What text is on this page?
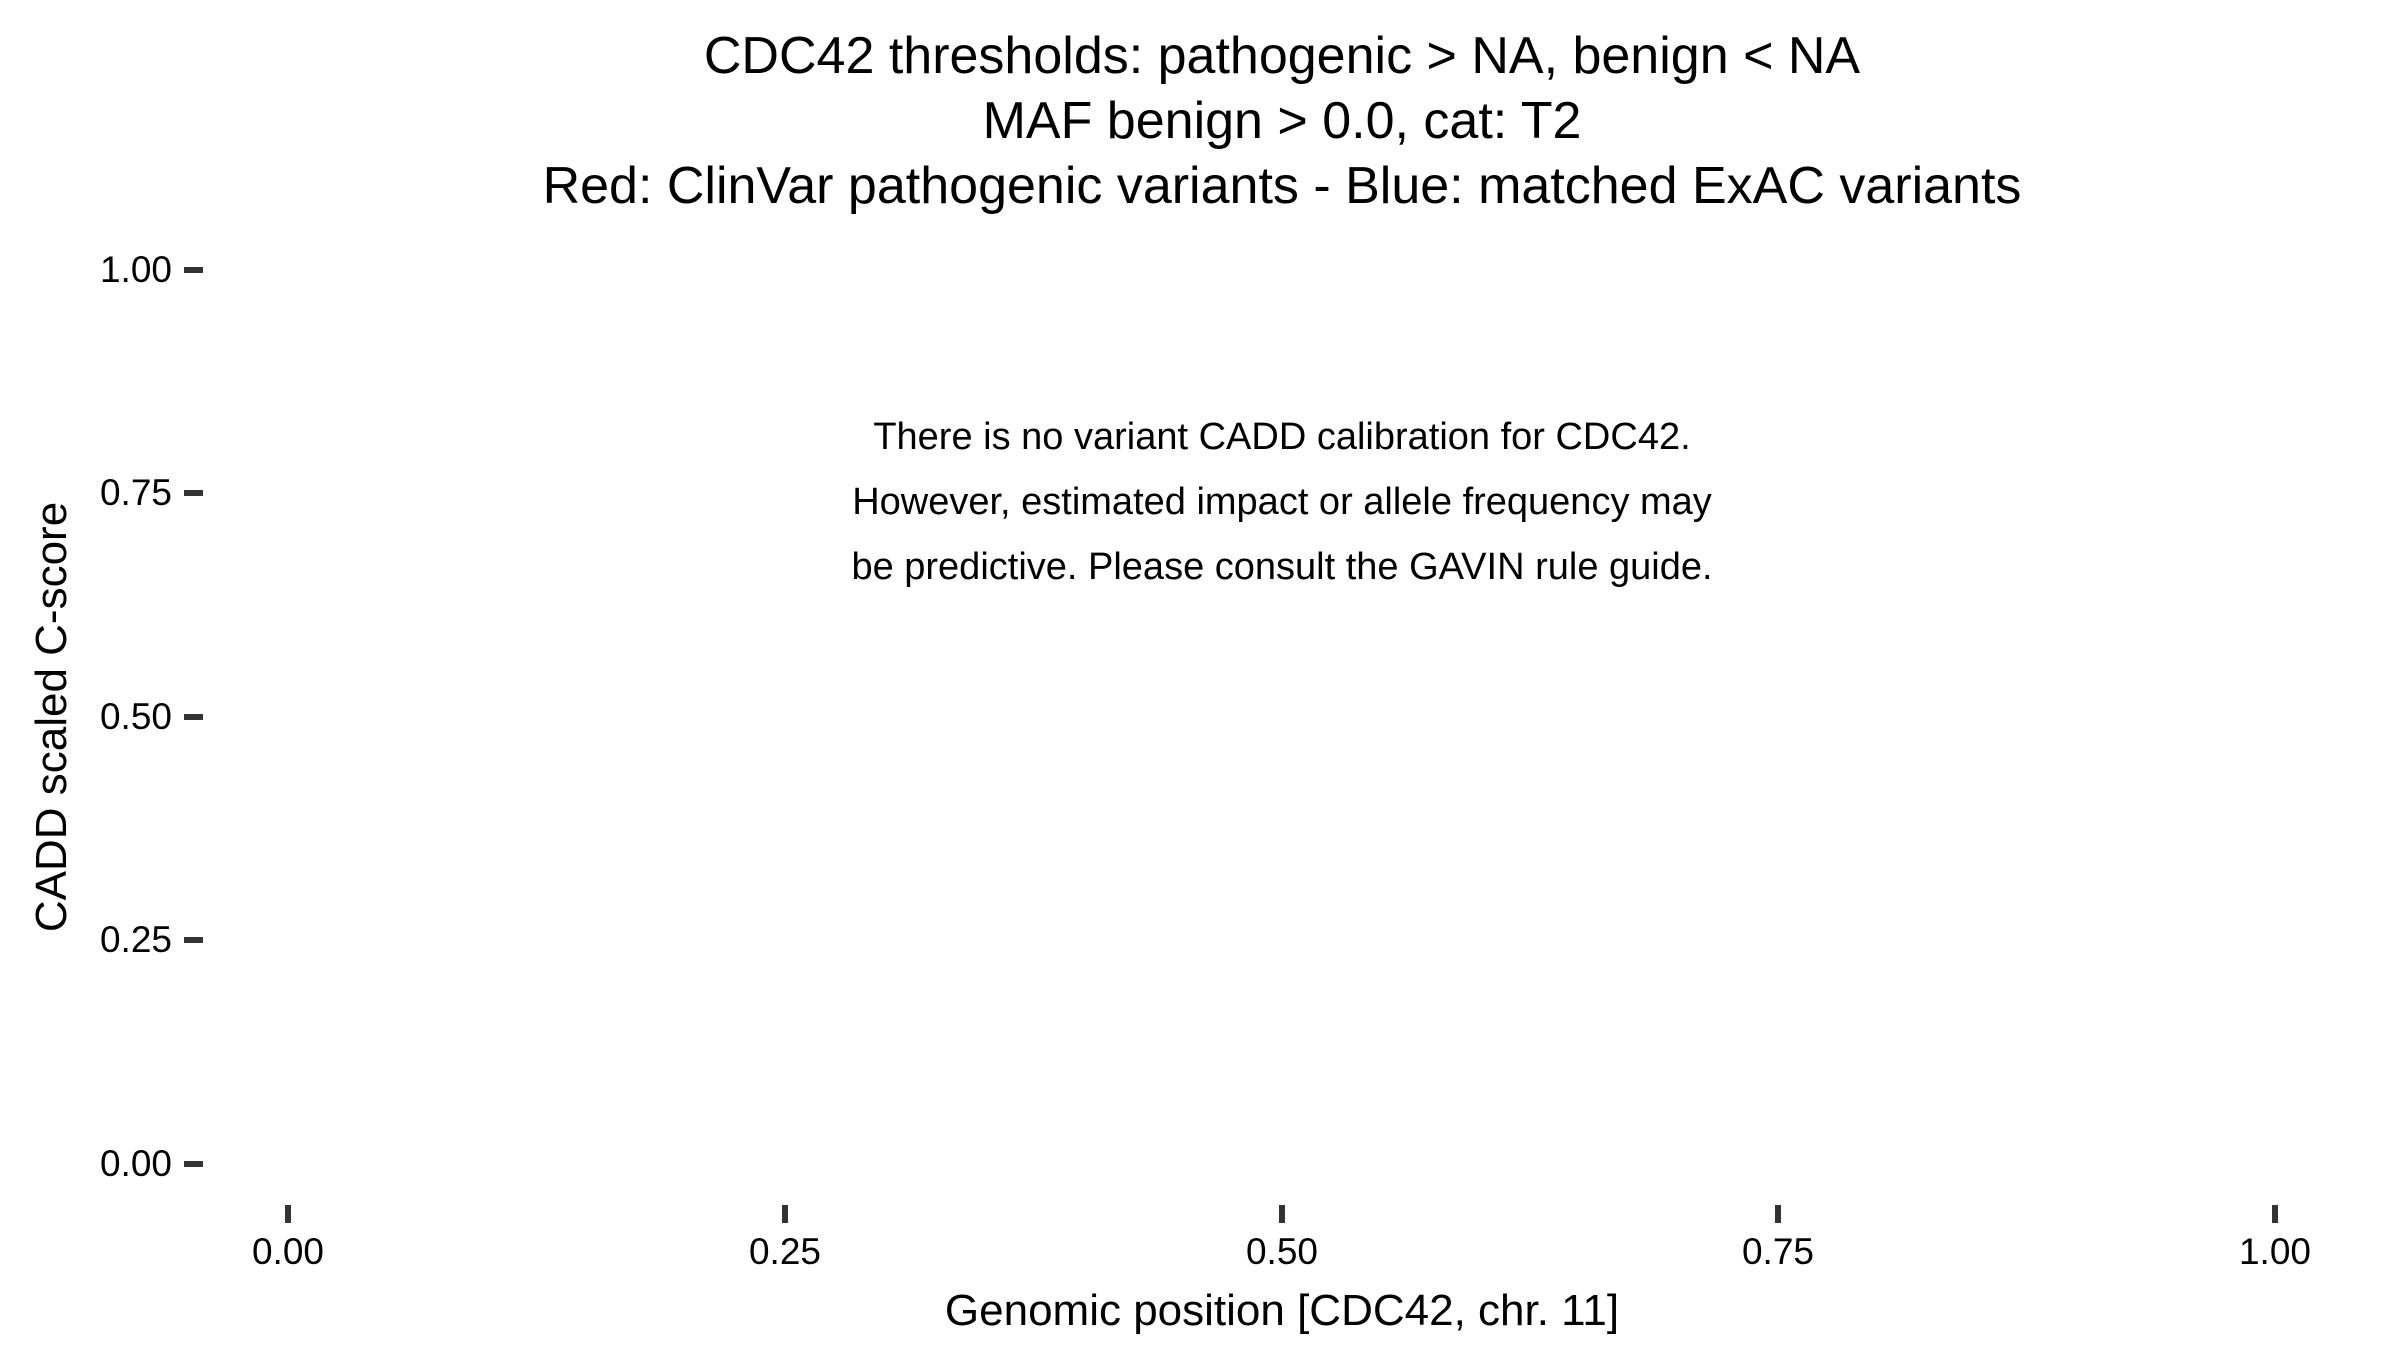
CDC42 thresholds: pathogenic > NA, benign < NA
MAF benign > 0.0, cat: T2
Red: ClinVar pathogenic variants - Blue: matched ExAC variants
There is no variant CADD calibration for CDC42.
However, estimated impact or allele frequency may
be predictive. Please consult the GAVIN rule guide.
CADD scaled C-score
Genomic position [CDC42, chr. 11]
1.00
0.75
0.50
0.25
0.00
0.00	0.25	0.50	0.75	1.00
